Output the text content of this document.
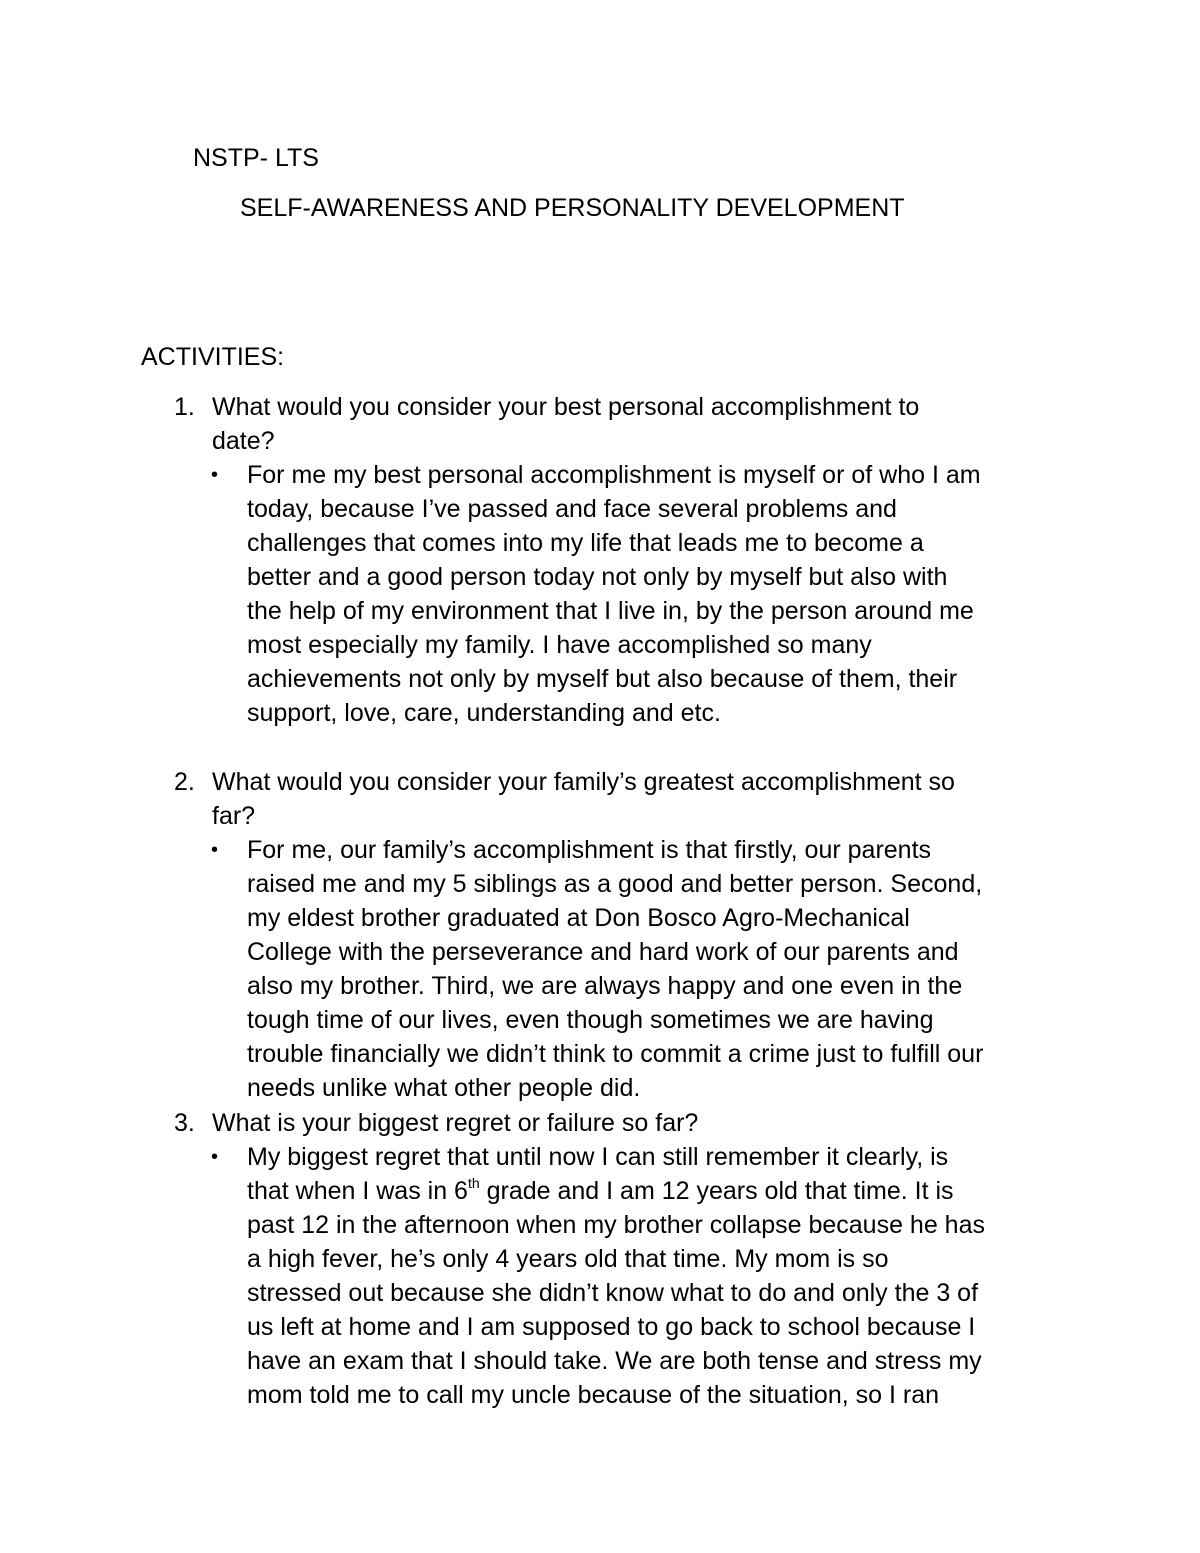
NSTP- LTS
SELF-AWARENESS AND PERSONALITY DEVELOPMENT
ACTIVITIES:
1. What would you consider your best personal accomplishment to
date?
• For me my best personal accomplishment is myself or of who I am
today, because I’ve passed and face several problems and
challenges that comes into my life that leads me to become a
better and a good person today not only by myself but also with
the help of my environment that I live in, by the person around me
most especially my family. I have accomplished so many
achievements not only by myself but also because of them, their
support, love, care, understanding and etc.
2. What would you consider your family’s greatest accomplishment so
far?
• For me, our family’s accomplishment is that firstly, our parents
raised me and my 5 siblings as a good and better person. Second,
my eldest brother graduated at Don Bosco Agro-Mechanical
College with the perseverance and hard work of our parents and
also my brother. Third, we are always happy and one even in the
tough time of our lives, even though sometimes we are having
trouble financially we didn’t think to commit a crime just to fulfill our
needs unlike what other people did.
3. What is your biggest regret or failure so far?
• My biggest regret that until now I can still remember it clearly, is
that when I was in 6th grade and I am 12 years old that time. It is
past 12 in the afternoon when my brother collapse because he has
a high fever, he’s only 4 years old that time. My mom is so
stressed out because she didn’t know what to do and only the 3 of
us left at home and I am supposed to go back to school because I
have an exam that I should take. We are both tense and stress my
mom told me to call my uncle because of the situation, so I ran
